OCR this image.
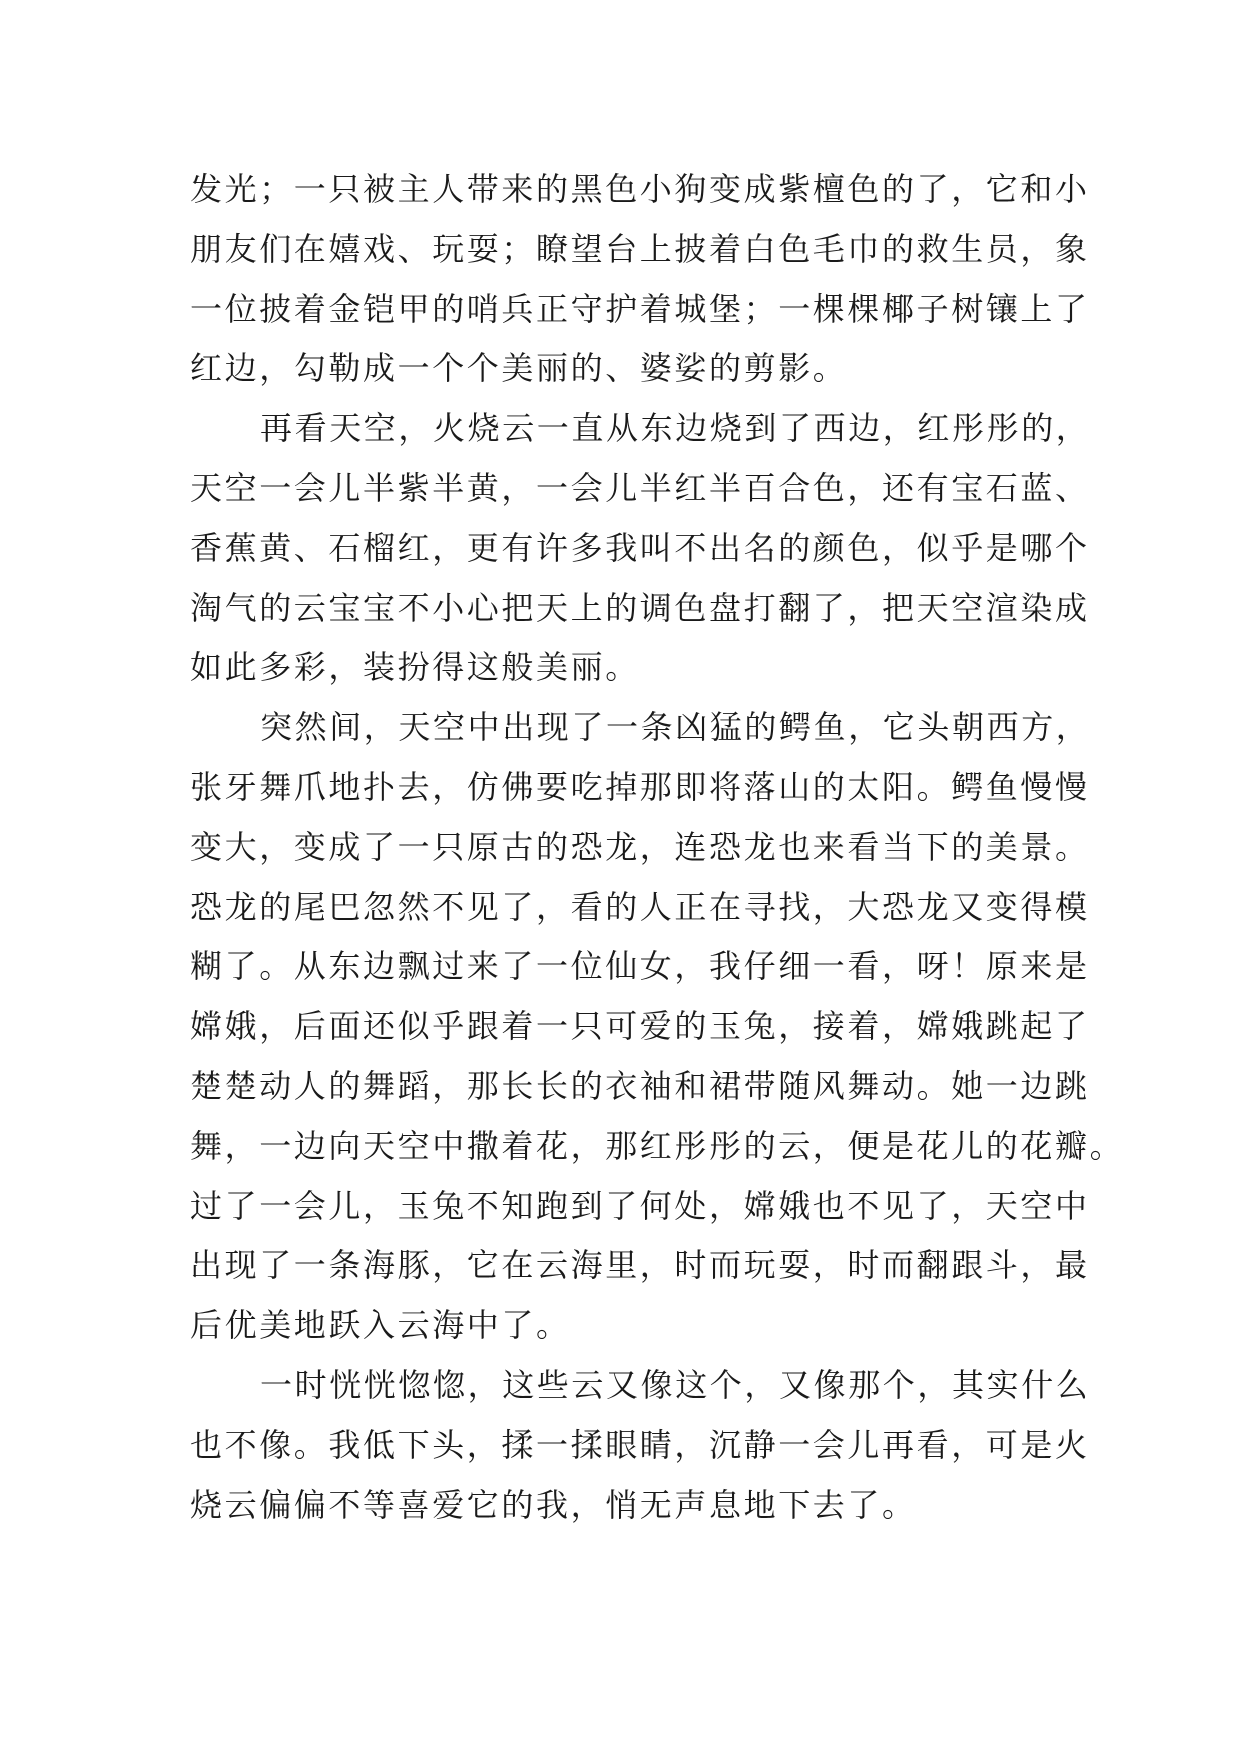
发光；一只被主人带来的黑色小狗变成紫檀色的了，它和小
朋友们在嬉戏、玩耍；瞭望台上披着白色毛巾的救生员，象
一位披着金铠甲的哨兵正守护着城堡；一棵棵椰子树镶上了
红边，勾勒成一个个美丽的、婆娑的剪影。
再看天空，火烧云一直从东边烧到了西边，红彤彤的，
天空一会儿半紫半黄，一会儿半红半百合色，还有宝石蓝、
香蕉黄、石榴红，更有许多我叫不出名的颜色，似乎是哪个
淘气的云宝宝不小心把天上的调色盘打翻了，把天空渲染成
如此多彩，装扮得这般美丽。
突然间，天空中出现了一条凶猛的鳄鱼，它头朝西方，
张牙舞爪地扑去，仿佛要吃掉那即将落山的太阳。鳄鱼慢慢
变大，变成了一只原古的恐龙，连恐龙也来看当下的美景。
恐龙的尾巴忽然不见了，看的人正在寻找，大恐龙又变得模
糊了。从东边飘过来了一位仙女，我仔细一看，呀！原来是
嫦娥，后面还似乎跟着一只可爱的玉兔，接着，嫦娥跳起了
楚楚动人的舞蹈，那长长的衣袖和裙带随风舞动。她一边跳
舞，一边向天空中撒着花，那红彤彤的云，便是花儿的花瓣。
过了一会儿，玉兔不知跑到了何处，嫦娥也不见了，天空中
出现了一条海豚，它在云海里，时而玩耍，时而翻跟斗，最
后优美地跃入云海中了。
一时恍恍惚惚，这些云又像这个，又像那个，其实什么
也不像。我低下头，揉一揉眼睛，沉静一会儿再看，可是火
烧云偏偏不等喜爱它的我，悄无声息地下去了。
